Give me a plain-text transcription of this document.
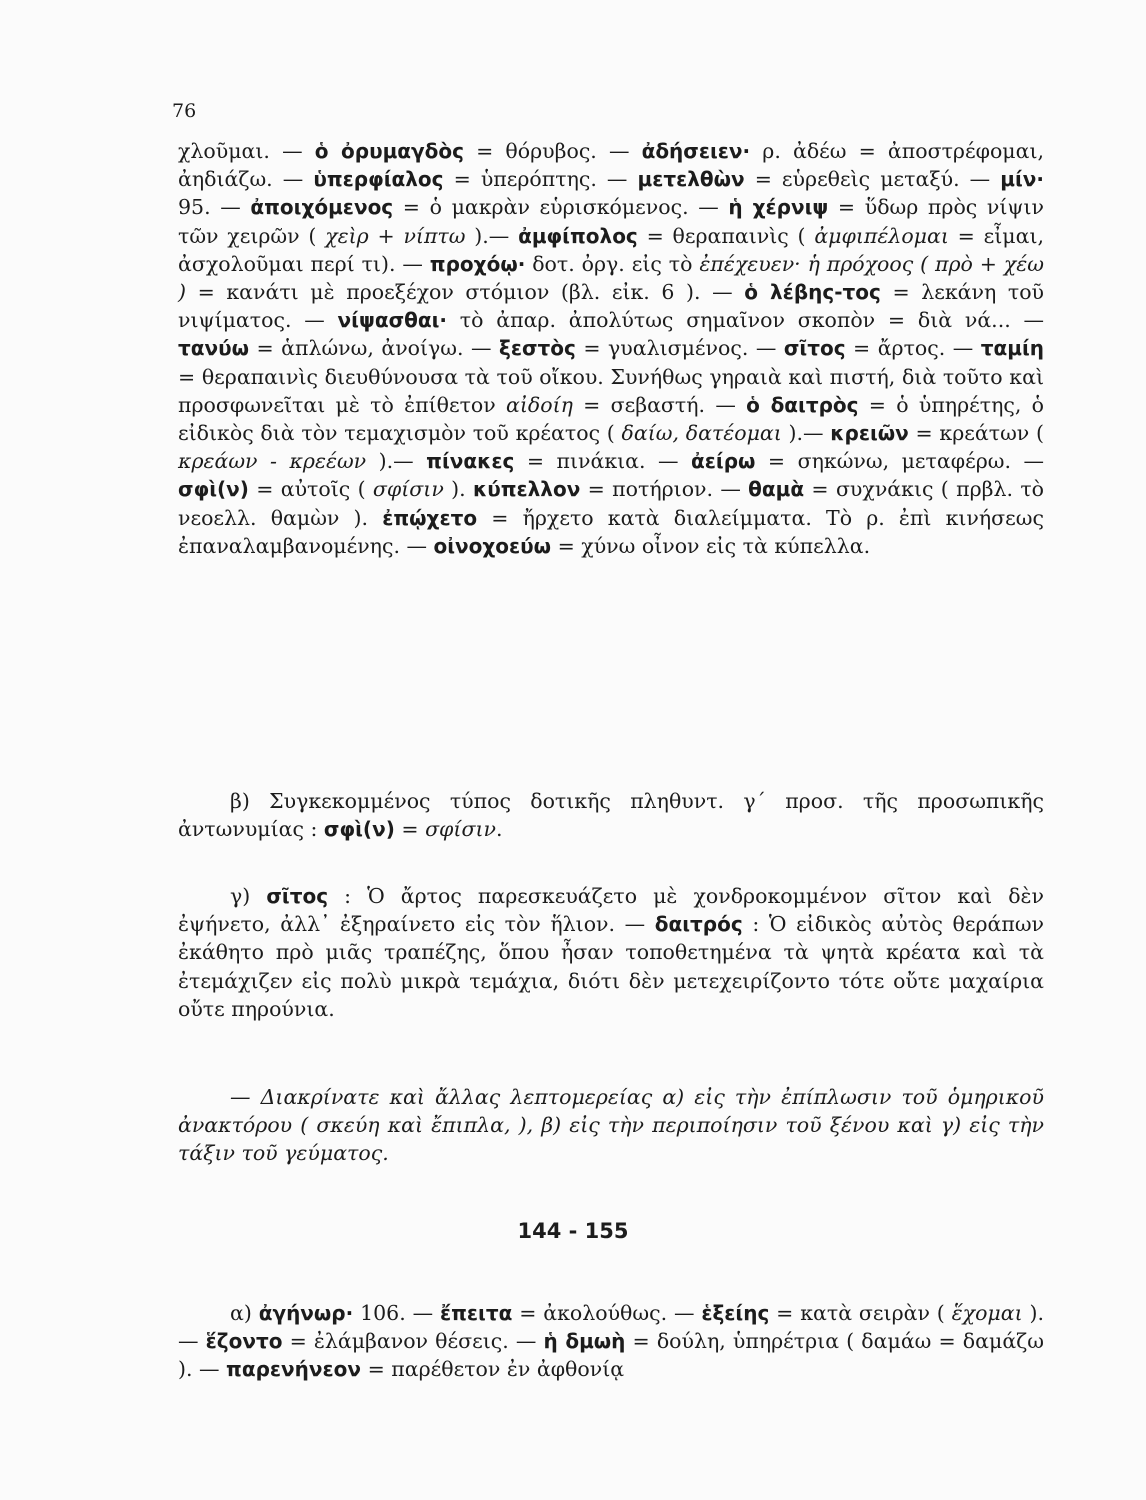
76
χλοῦμαι. — ὁ ὀρυμαγδὸς = θόρυβος. — ἀδήσειεν· ρ. ἀδέω = ἀποστρέφομαι, ἀηδιάζω. — ὑπερφίαλος = ὑπερόπτης. — μετελθὼν = εὑρεθεὶς μεταξύ. — μίν· 95. — ἀποιχόμενος = ὁ μακρὰν εὑρισκόμενος. — ἡ χέρνιψ = ὕδωρ πρὸς νίψιν τῶν χειρῶν ( χεὶρ + νίπτω ).— ἀμφίπολος = θεραπαινὶς ( ἀμφιπέλομαι = εἶμαι, ἀσχολοῦμαι περί τι). — προχόῳ· δοτ. ὀργ. εἰς τὸ ἐπέχευεν· ἡ πρόχοος ( πρὸ + χέω ) = κανάτι μὲ προεξέχον στόμιον (βλ. εἰκ. 6 ). — ὁ λέβης-τος = λεκάνη τοῦ νιψίματος. — νίψασθαι· τὸ ἀπαρ. ἀπολύτως σημαῖνον σκοπὸν = διὰ νά... — τανύω = ἁπλώνω, ἀνοίγω. — ξεστὸς = γυαλισμένος. — σῖτος = ἄρτος. — ταμίη = θεραπαινὶς διευθύνουσα τὰ τοῦ οἴκου. Συνήθως γηραιὰ καὶ πιστή, διὰ τοῦτο καὶ προσφωνεῖται μὲ τὸ ἐπίθετον αἰδοίη = σεβαστή. — ὁ δαιτρὸς = ὁ ὑπηρέτης, ὁ εἰδικὸς διὰ τὸν τεμαχισμὸν τοῦ κρέατος ( δαίω, δατέομαι ).— κρειῶν = κρεάτων ( κρεάων - κρεέων ).— πίνακες = πινάκια. — ἀείρω = σηκώνω, μεταφέρω. — σφὶ(ν) = αὐτοῖς ( σφίσιν ). κύπελλον = ποτήριον. — θαμὰ = συχνάκις ( πρβλ. τὸ νεοελλ. θαμὼν ). ἐπῴχετο = ἤρχετο κατὰ διαλείμματα. Τὸ ρ. ἐπὶ κινήσεως ἐπαναλαμβανομένης. — οἰνοχοεύω = χύνω οἶνον εἰς τὰ κύπελλα.
β) Συγκεκομμένος τύπος δοτικῆς πληθυντ. γ΄ προσ. τῆς προσωπικῆς ἀντωνυμίας : σφὶ(ν) = σφίσιν.
γ) σῖτος : Ὁ ἄρτος παρεσκευάζετο μὲ χονδροκομμένον σῖτον καὶ δὲν ἐψήνετο, ἀλλ᾽ ἐξηραίνετο εἰς τὸν ἥλιον. — δαιτρός : Ὁ εἰδικὸς αὐτὸς θεράπων ἐκάθητο πρὸ μιᾶς τραπέζης, ὅπου ἦσαν τοποθετημένα τὰ ψητὰ κρέατα καὶ τὰ ἐτεμάχιζεν εἰς πολὺ μικρὰ τεμάχια, διότι δὲν μετεχειρίζοντο τότε οὔτε μαχαίρια οὔτε πηρούνια.
— Διακρίνατε καὶ ἄλλας λεπτομερείας α) εἰς τὴν ἐπίπλωσιν τοῦ ὁμηρικοῦ ἀνακτόρου ( σκεύη καὶ ἔπιπλα, ), β) εἰς τὴν περιποίησιν τοῦ ξένου καὶ γ) εἰς τὴν τάξιν τοῦ γεύματος.
144 - 155
α) ἀγήνωρ· 106. — ἔπειτα = ἀκολούθως. — ἑξείης = κατὰ σειρὰν ( ἕχομαι ). — ἕζοντο = ἐλάμβανον θέσεις. — ἡ δμωὴ = δούλη, ὑπηρέτρια ( δαμάω = δαμάζω ). — παρενήνεον = παρέθετον ἐν ἀφθονίᾳ
